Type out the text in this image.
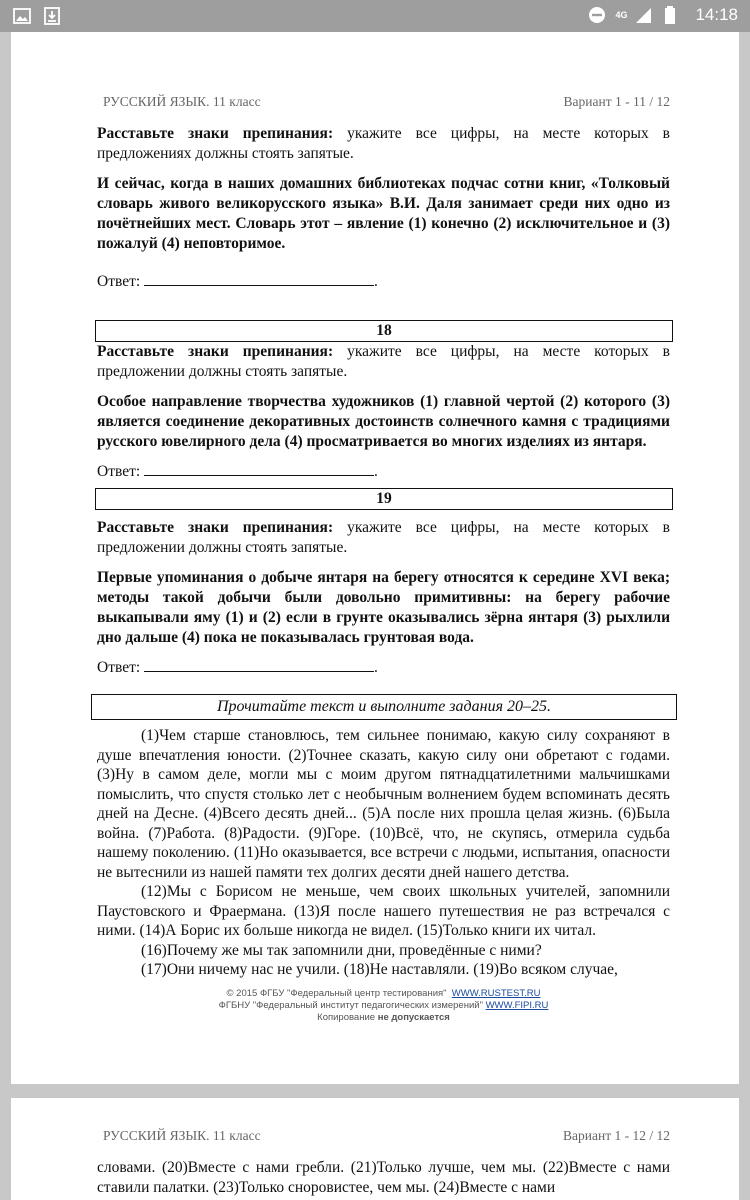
4G	14:18
РУССКИЙ ЯЗЫК. 11 класс	Вариант 1 - 11 / 12
Расставьте знаки препинания: укажите все цифры, на месте которых в предложениях должны стоять запятые.
И сейчас, когда в наших домашних библиотеках подчас сотни книг, «Толковый словарь живого великорусского языка» В.И. Даля занимает среди них одно из почётнейших мест. Словарь этот – явление (1) конечно (2) исключительное и (3) пожалуй (4) неповторимое.
Ответ:	.
18
Расставьте знаки препинания: укажите все цифры, на месте которых в предложении должны стоять запятые.
Особое направление творчества художников (1) главной чертой (2) которого (3) является соединение декоративных достоинств солнечного камня с традициями русского ювелирного дела (4) просматривается во многих изделиях из янтаря.
Ответ:	.
19
Расставьте знаки препинания: укажите все цифры, на месте которых в предложении должны стоять запятые.
Первые упоминания о добыче янтаря на берегу относятся к середине XVI века; методы такой добычи были довольно примитивны: на берегу рабочие выкапывали яму (1) и (2) если в грунте оказывались зёрна янтаря (3) рыхлили дно дальше (4) пока не показывалась грунтовая вода.
Ответ:	.
Прочитайте текст и выполните задания 20–25.

(1)Чем старше становлюсь, тем сильнее понимаю, какую силу сохраняют в душе впечатления юности. (2)Точнее сказать, какую силу они обретают с годами. (3)Ну в самом деле, могли мы с моим другом пятнадцатилетними мальчишками помыслить, что спустя столько лет с необычным волнением будем вспоминать десять дней на Десне. (4)Всего десять дней... (5)А после них прошла целая жизнь. (6)Была война. (7)Работа. (8)Радости. (9)Горе. (10)Всё, что, не скупясь, отмерила судьба нашему поколению. (11)Но оказывается, все встречи с людьми, испытания, опасности не вытеснили из нашей памяти тех долгих десяти дней нашего детства.

(12)Мы с Борисом не меньше, чем своих школьных учителей, запомнили Паустовского и Фраермана. (13)Я после нашего путешествия не раз встречался с ними. (14)А Борис их больше никогда не видел. (15)Только книги их читал.

(16)Почему же мы так запомнили дни, проведённые с ними?

(17)Они ничему нас не учили. (18)Не наставляли. (19)Во всяком случае,

© 2015 ФГБУ "Федеральный центр тестирования" WWW.RUSTEST.RU
ФГБНУ "Федеральный институт педагогических измерений" WWW.FIPI.RU
Копирование не допускается
РУССКИЙ ЯЗЫК. 11 класс	Вариант 1 - 12 / 12

словами. (20)Вместе с нами гребли. (21)Только лучше, чем мы. (22)Вместе с нами ставили палатки. (23)Только сноровистее, чем мы. (24)Вместе с нами
